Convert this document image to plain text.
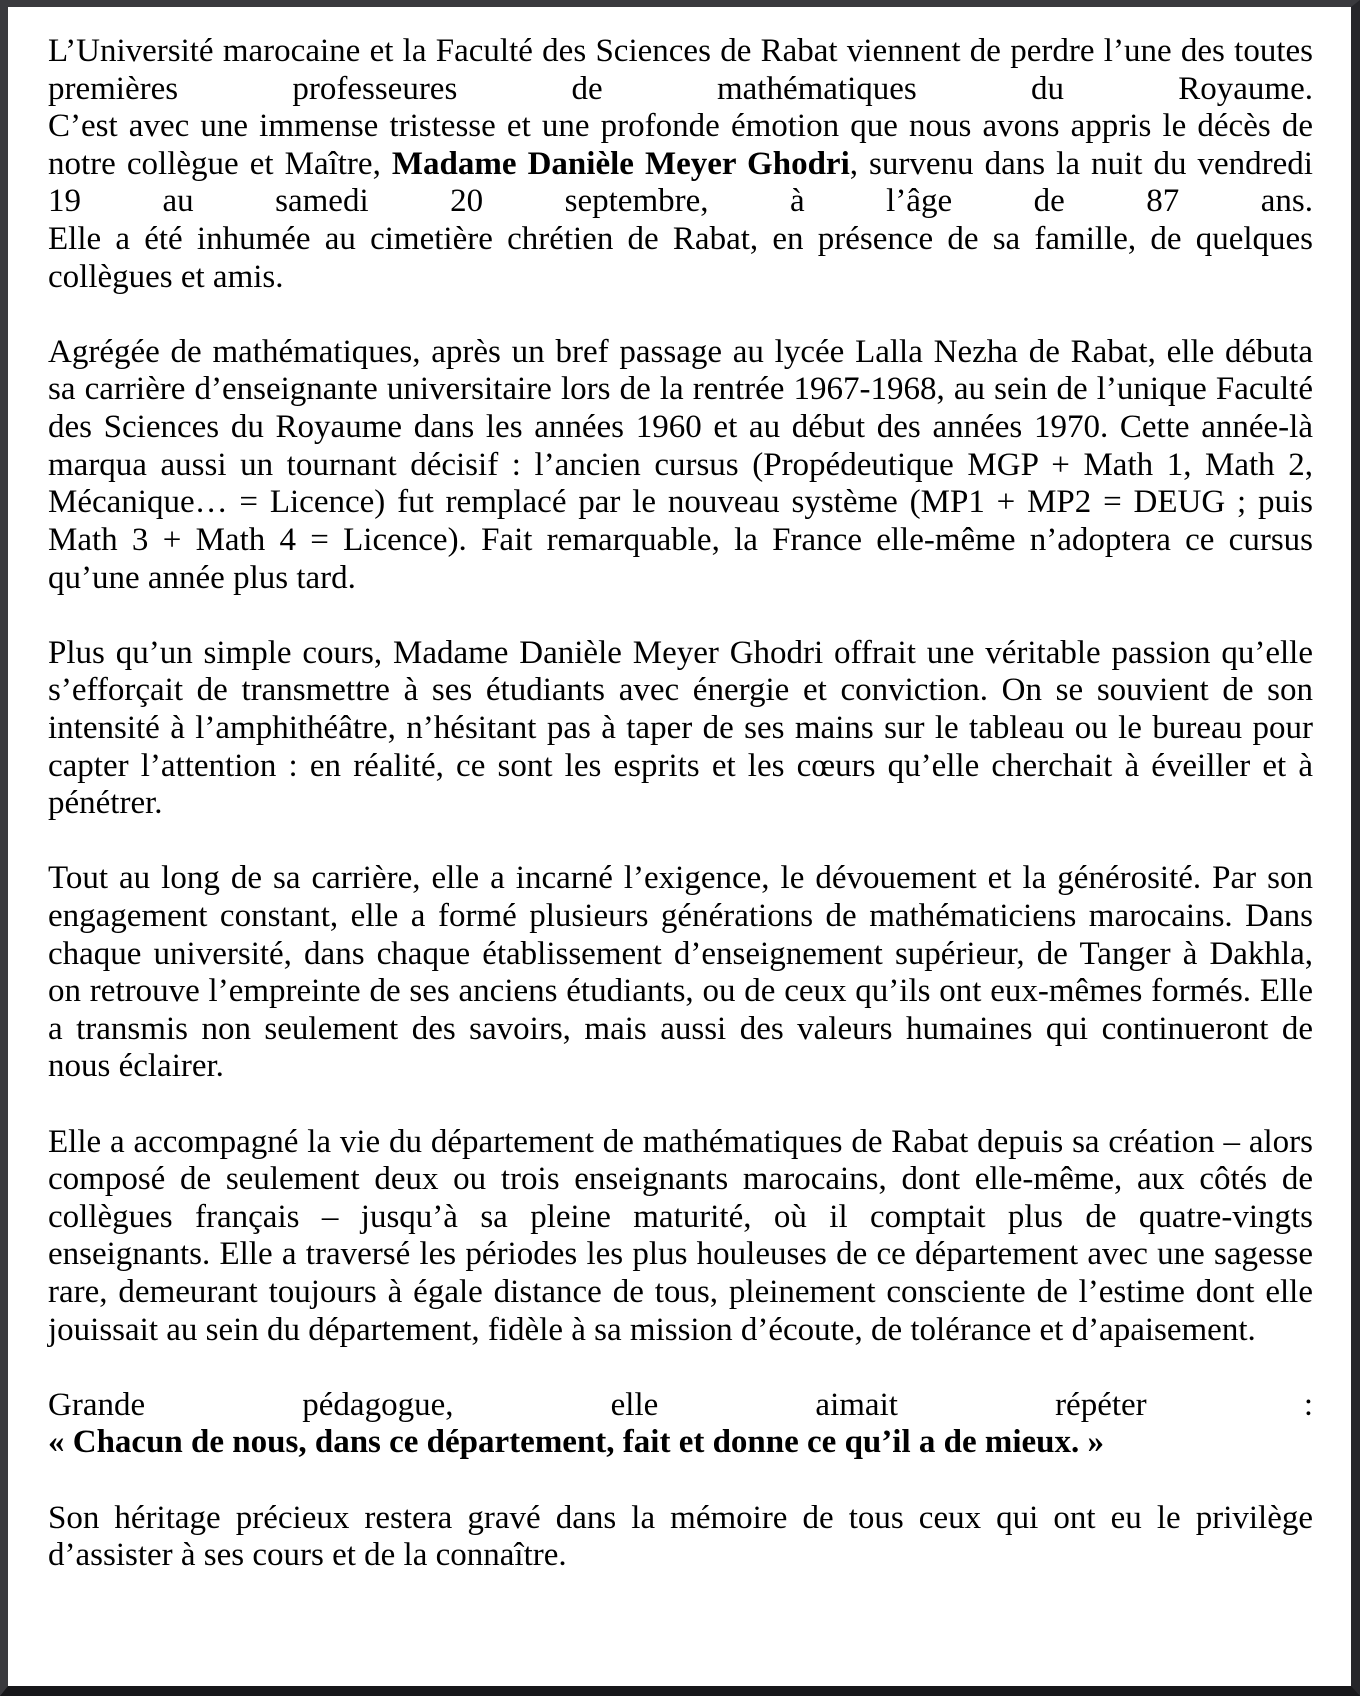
L’Université marocaine et la Faculté des Sciences de Rabat viennent de perdre l’une des toutes premières professeures de mathématiques du Royaume.
C’est avec une immense tristesse et une profonde émotion que nous avons appris le décès de notre collègue et Maître, Madame Danièle Meyer Ghodri, survenu dans la nuit du vendredi 19 au samedi 20 septembre, à l’âge de 87 ans.
Elle a été inhumée au cimetière chrétien de Rabat, en présence de sa famille, de quelques collègues et amis.
Agrégée de mathématiques, après un bref passage au lycée Lalla Nezha de Rabat, elle débuta sa carrière d’enseignante universitaire lors de la rentrée 1967-1968, au sein de l’unique Faculté des Sciences du Royaume dans les années 1960 et au début des années 1970. Cette année-là marqua aussi un tournant décisif : l’ancien cursus (Propédeutique MGP + Math 1, Math 2, Mécanique… = Licence) fut remplacé par le nouveau système (MP1 + MP2 = DEUG ; puis Math 3 + Math 4 = Licence). Fait remarquable, la France elle-même n’adoptera ce cursus qu’une année plus tard.
Plus qu’un simple cours, Madame Danièle Meyer Ghodri offrait une véritable passion qu’elle s’efforçait de transmettre à ses étudiants avec énergie et conviction. On se souvient de son intensité à l’amphithéâtre, n’hésitant pas à taper de ses mains sur le tableau ou le bureau pour capter l’attention : en réalité, ce sont les esprits et les cœurs qu’elle cherchait à éveiller et à pénétrer.
Tout au long de sa carrière, elle a incarné l’exigence, le dévouement et la générosité. Par son engagement constant, elle a formé plusieurs générations de mathématiciens marocains. Dans chaque université, dans chaque établissement d’enseignement supérieur, de Tanger à Dakhla, on retrouve l’empreinte de ses anciens étudiants, ou de ceux qu’ils ont eux-mêmes formés. Elle a transmis non seulement des savoirs, mais aussi des valeurs humaines qui continueront de nous éclairer.
Elle a accompagné la vie du département de mathématiques de Rabat depuis sa création – alors composé de seulement deux ou trois enseignants marocains, dont elle-même, aux côtés de collègues français – jusqu’à sa pleine maturité, où il comptait plus de quatre-vingts enseignants. Elle a traversé les périodes les plus houleuses de ce département avec une sagesse rare, demeurant toujours à égale distance de tous, pleinement consciente de l’estime dont elle jouissait au sein du département, fidèle à sa mission d’écoute, de tolérance et d’apaisement.
Grande pédagogue, elle aimait répéter :
« Chacun de nous, dans ce département, fait et donne ce qu’il a de mieux. »
Son héritage précieux restera gravé dans la mémoire de tous ceux qui ont eu le privilège d’assister à ses cours et de la connaître.
